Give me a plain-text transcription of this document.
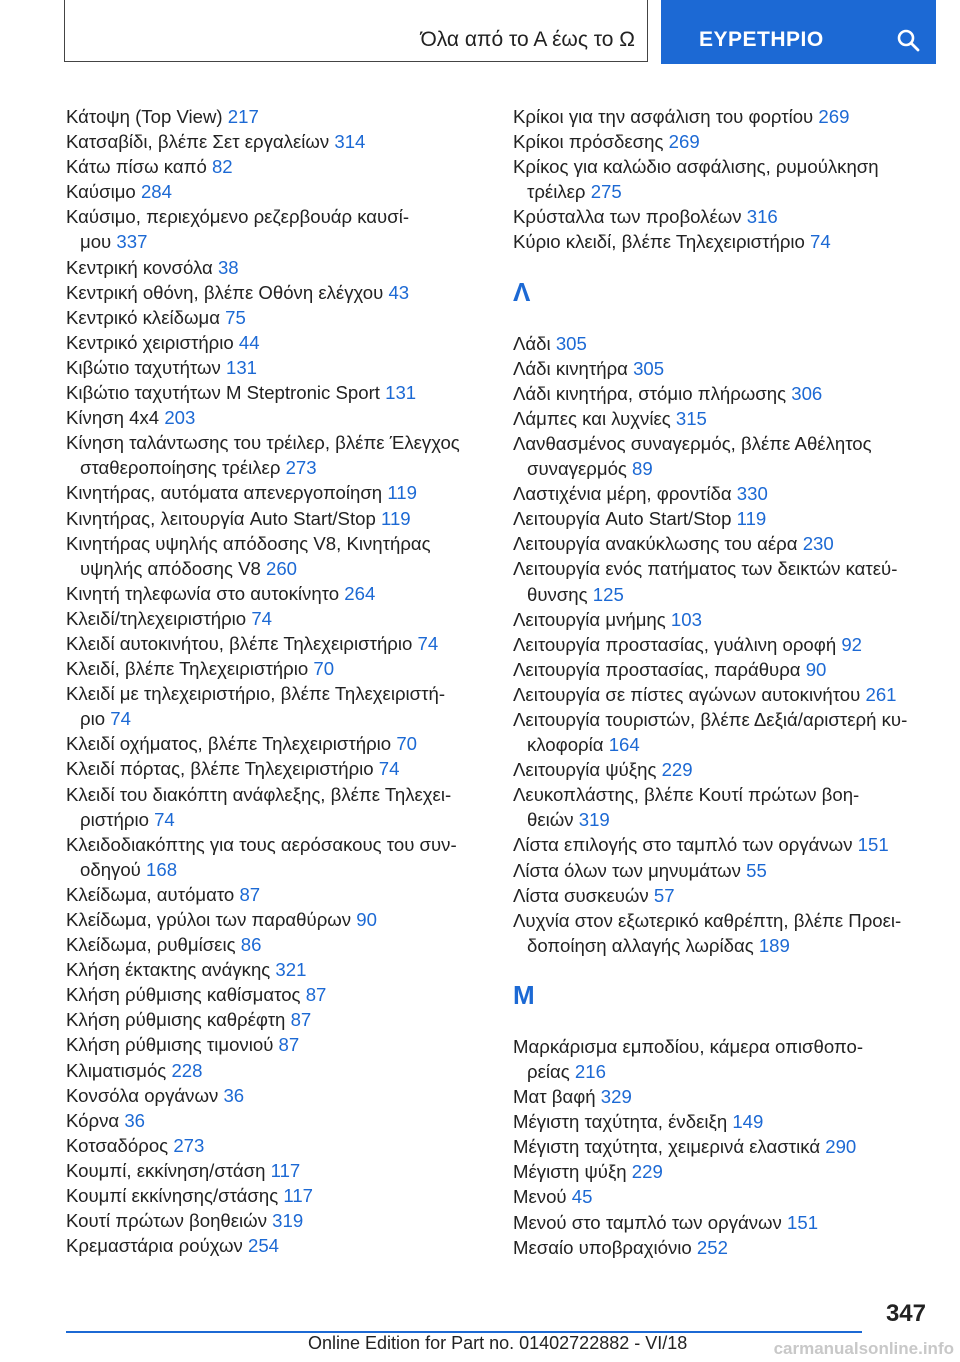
Όλα από το Α έως το Ω	ΕΥΡΕΤΗΡΙΟ
Κάτοψη (Top View) 217
Κατσαβίδι, βλέπε Σετ εργαλείων 314
Κάτω πίσω καπό 82
Καύσιμο 284
Καύσιμο, περιεχόμενο ρεζερβουάρ καυσί-
μου 337
Κεντρική κονσόλα 38
Κεντρική οθόνη, βλέπε Οθόνη ελέγχου 43
Κεντρικό κλείδωμα 75
Κεντρικό χειριστήριο 44
Κιβώτιο ταχυτήτων 131
Κιβώτιο ταχυτήτων M Steptronic Sport 131
Κίνηση 4x4 203
Κίνηση ταλάντωσης του τρέιλερ, βλέπε Έλεγχος
σταθεροποίησης τρέιλερ 273
Κινητήρας, αυτόματα απενεργοποίηση 119
Κινητήρας, λειτουργία Auto Start/Stop 119
Κινητήρας υψηλής απόδοσης V8, Κινητήρας
υψηλής απόδοσης V8 260
Κινητή τηλεφωνία στο αυτοκίνητο 264
Κλειδί/τηλεχειριστήριο 74
Κλειδί αυτοκινήτου, βλέπε Τηλεχειριστήριο 74
Κλειδί, βλέπε Τηλεχειριστήριο 70
Κλειδί με τηλεχειριστήριο, βλέπε Τηλεχειριστή-
ριο 74
Κλειδί οχήματος, βλέπε Τηλεχειριστήριο 70
Κλειδί πόρτας, βλέπε Τηλεχειριστήριο 74
Κλειδί του διακόπτη ανάφλεξης, βλέπε Τηλεχει-
ριστήριο 74
Κλειδοδιακόπτης για τους αερόσακους του συν-
οδηγού 168
Κλείδωμα, αυτόματο 87
Κλείδωμα, γρύλοι των παραθύρων 90
Κλείδωμα, ρυθμίσεις 86
Κλήση έκτακτης ανάγκης 321
Κλήση ρύθμισης καθίσματος 87
Κλήση ρύθμισης καθρέφτη 87
Κλήση ρύθμισης τιμονιού 87
Κλιματισμός 228
Κονσόλα οργάνων 36
Κόρνα 36
Κοτσαδόρος 273
Κουμπί, εκκίνηση/στάση 117
Κουμπί εκκίνησης/στάσης 117
Κουτί πρώτων βοηθειών 319
Κρεμαστάρια ρούχων 254
Κρίκοι για την ασφάλιση του φορτίου 269
Κρίκοι πρόσδεσης 269
Κρίκος για καλώδιο ασφάλισης, ρυμούλκηση
τρέιλερ 275
Κρύσταλλα των προβολέων 316
Κύριο κλειδί, βλέπε Τηλεχειριστήριο 74
Λ
Λάδι 305
Λάδι κινητήρα 305
Λάδι κινητήρα, στόμιο πλήρωσης 306
Λάμπες και λυχνίες 315
Λανθασμένος συναγερμός, βλέπε Αθέλητος
συναγερμός 89
Λαστιχένια μέρη, φροντίδα 330
Λειτουργία Auto Start/Stop 119
Λειτουργία ανακύκλωσης του αέρα 230
Λειτουργία ενός πατήματος των δεικτών κατεύ-
θυνσης 125
Λειτουργία μνήμης 103
Λειτουργία προστασίας, γυάλινη οροφή 92
Λειτουργία προστασίας, παράθυρα 90
Λειτουργία σε πίστες αγώνων αυτοκινήτου 261
Λειτουργία τουριστών, βλέπε Δεξιά/αριστερή κυ-
κλοφορία 164
Λειτουργία ψύξης 229
Λευκοπλάστης, βλέπε Κουτί πρώτων βοη-
θειών 319
Λίστα επιλογής στο ταμπλό των οργάνων 151
Λίστα όλων των μηνυμάτων 55
Λίστα συσκευών 57
Λυχνία στον εξωτερικό καθρέπτη, βλέπε Προει-
δοποίηση αλλαγής λωρίδας 189
Μ
Μαρκάρισμα εμποδίου, κάμερα οπισθοπο-
ρείας 216
Ματ βαφή 329
Μέγιστη ταχύτητα, ένδειξη 149
Μέγιστη ταχύτητα, χειμερινά ελαστικά 290
Μέγιστη ψύξη 229
Μενού 45
Μενού στο ταμπλό των οργάνων 151
Μεσαίο υποβραχιόνιο 252
347
Online Edition for Part no. 01402722882 - VI/18	carmanualsonline.info
